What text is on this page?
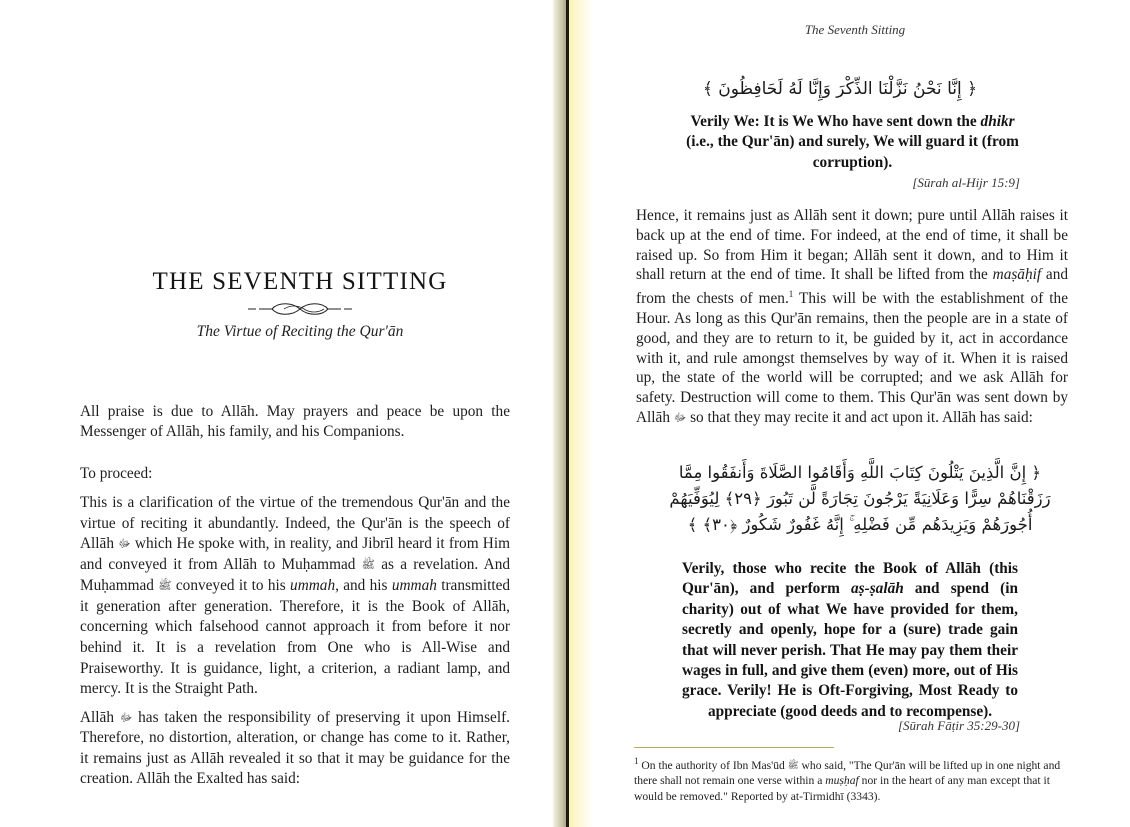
THE SEVENTH SITTING
The Virtue of Reciting the Qur'ān
All praise is due to Allāh. May prayers and peace be upon the Messenger of Allāh, his family, and his Companions.
To proceed:
This is a clarification of the virtue of the tremendous Qur'ān and the virtue of reciting it abundantly. Indeed, the Qur'ān is the speech of Allāh ﷻ which He spoke with, in reality, and Jibrīl heard it from Him and conveyed it from Allāh to Muḥammad ﷺ as a revelation. And Muḥammad ﷺ conveyed it to his ummah, and his ummah transmitted it generation after generation. Therefore, it is the Book of Allāh, concerning which falsehood cannot approach it from before it nor behind it. It is a revelation from One who is All-Wise and Praiseworthy. It is guidance, light, a criterion, a radiant lamp, and mercy. It is the Straight Path.
Allāh ﷻ has taken the responsibility of preserving it upon Himself. Therefore, no distortion, alteration, or change has come to it. Rather, it remains just as Allāh revealed it so that it may be guidance for the creation. Allāh the Exalted has said:
The Seventh Sitting
﴿ إِنَّا نَحْنُ نَزَّلْنَا الذِّكْرَ وَإِنَّا لَهُ لَحَافِظُونَ ﴾
Verily We: It is We Who have sent down the dhikr (i.e., the Qur'ān) and surely, We will guard it (from corruption).
[Sūrah al-Hijr 15:9]
Hence, it remains just as Allāh sent it down; pure until Allāh raises it back up at the end of time. For indeed, at the end of time, it shall be raised up. So from Him it began; Allāh sent it down, and to Him it shall return at the end of time. It shall be lifted from the maṣāḥif and from the chests of men.$^1$ This will be with the establishment of the Hour. As long as this Qur'ān remains, then the people are in a state of good, and they are to return to it, be guided by it, act in accordance with it, and rule amongst themselves by way of it. When it is raised up, the state of the world will be corrupted; and we ask Allāh for safety. Destruction will come to them. This Qur'ān was sent down by Allāh ﷻ so that they may recite it and act upon it. Allāh has said:
﴿ إِنَّ الَّذِينَ يَتْلُونَ كِتَابَ اللَّهِ وَأَقَامُوا الصَّلَاةَ وَأَنفَقُوا مِمَّا
رَزَقْنَاهُمْ سِرًّا وَعَلَانِيَةً يَرْجُونَ تِجَارَةً لَّن تَبُورَ ﴿٢٩﴾ لِيُوَفِّيَهُمْ
أُجُورَهُمْ وَيَزِيدَهُم مِّن فَضْلِهِ ۚ إِنَّهُ غَفُورٌ شَكُورٌ ﴿٣٠﴾ ﴾
Verily, those who recite the Book of Allāh (this Qur'ān), and perform aṣ-ṣalāh and spend (in charity) out of what We have provided for them, secretly and openly, hope for a (sure) trade gain that will never perish. That He may pay them their wages in full, and give them (even) more, out of His grace. Verily! He is Oft-Forgiving, Most Ready to appreciate (good deeds and to recompense).
[Sūrah Fāṭir 35:29-30]
$^1$ On the authority of Ibn Mas'ūd ﷺ who said, "The Qur'ān will be lifted up in one night and there shall not remain one verse within a muṣḥaf nor in the heart of any man except that it would be removed." Reported by at-Tirmidhī (3343).
